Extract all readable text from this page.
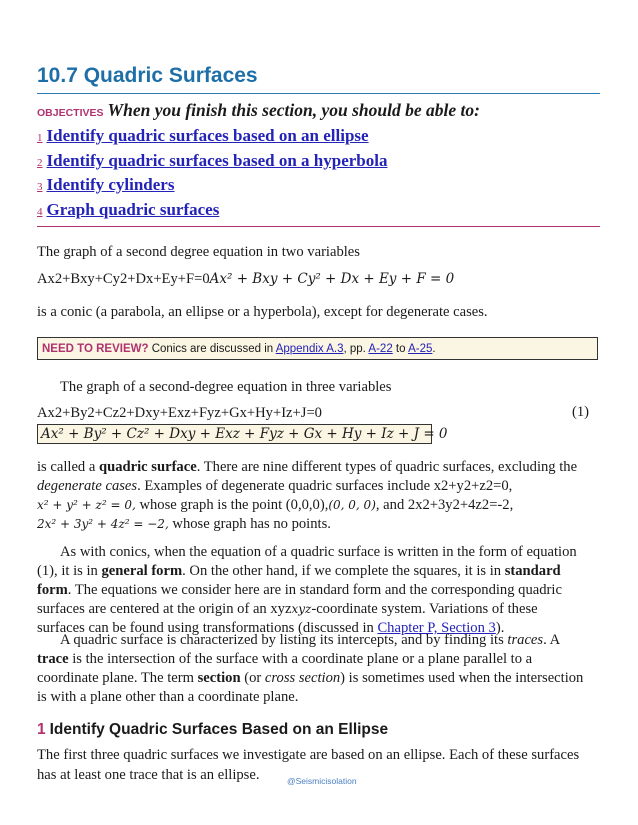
10.7 Quadric Surfaces
OBJECTIVES When you finish this section, you should be able to:
1 Identify quadric surfaces based on an ellipse
2 Identify quadric surfaces based on a hyperbola
3 Identify cylinders
4 Graph quadric surfaces
The graph of a second degree equation in two variables
Ax2+Bxy+Cy2+Dx+Ey+F=0Ax² + Bxy + Cy² + Dx + Ey + F = 0
is a conic (a parabola, an ellipse or a hyperbola), except for degenerate cases.
NEED TO REVIEW? Conics are discussed in Appendix A.3, pp. A-22 to A-25.
The graph of a second-degree equation in three variables
Ax2+By2+Cz2+Dxy+Exz+Fyz+Gx+Hy+Iz+J=0	(1)
Ax² + By² + Cz² + Dxy + Exz + Fyz + Gx + Hy + Iz + J = 0
is called a quadric surface. There are nine different types of quadric surfaces, excluding the
degenerate cases. Examples of degenerate quadric surfaces include x2+y2+z2=0,
x² + y² + z² = 0, whose graph is the point (0,0,0),(0, 0, 0), and 2x2+3y2+4z2=-2,
2x² + 3y² + 4z² = −2, whose graph has no points.
As with conics, when the equation of a quadric surface is written in the form of equation
(1), it is in general form. On the other hand, if we complete the squares, it is in standard
form. The equations we consider here are in standard form and the corresponding quadric
surfaces are centered at the origin of an xyzxyz-coordinate system. Variations of these
surfaces can be found using transformations (discussed in Chapter P, Section 3).
A quadric surface is characterized by listing its intercepts, and by finding its traces. A
trace is the intersection of the surface with a coordinate plane or a plane parallel to a
coordinate plane. The term section (or cross section) is sometimes used when the intersection
is with a plane other than a coordinate plane.
1 Identify Quadric Surfaces Based on an Ellipse
The first three quadric surfaces we investigate are based on an ellipse. Each of these surfaces
has at least one trace that is an ellipse.	@Seismicisolation
